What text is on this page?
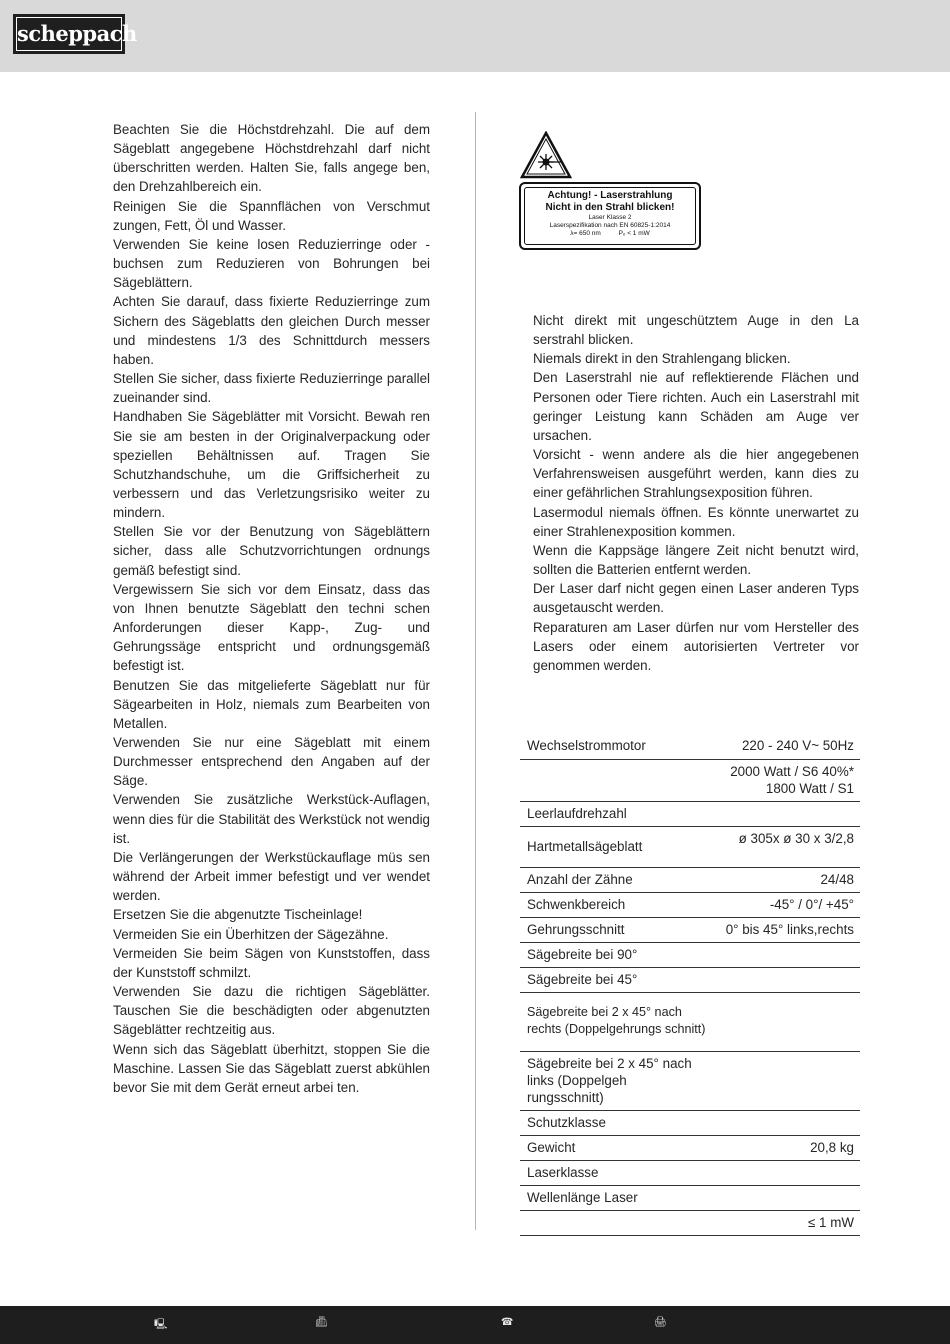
scheppach

Beachten Sie die Höchstdrehzahl. Die auf dem Sägeblatt angegebene Höchstdrehzahl darf nicht überschritten werden. Halten Sie, falls angege ben, den Drehzahlbereich ein.

Reinigen Sie die Spannflächen von Verschmut zungen, Fett, Öl und Wasser.

Verwenden Sie keine losen Reduzierringe oder -buchsen zum Reduzieren von Bohrungen bei Sägeblättern.

Achten Sie darauf, dass fixierte Reduzierringe zum Sichern des Sägeblatts den gleichen Durch messer und mindestens 1/3 des Schnittdurch messers haben.

Stellen Sie sicher, dass fixierte Reduzierringe parallel zueinander sind.

Handhaben Sie Sägeblätter mit Vorsicht. Bewah ren Sie sie am besten in der Originalverpackung oder speziellen Behältnissen auf. Tragen Sie Schutzhandschuhe, um die Griffsicherheit zu verbessern und das Verletzungsrisiko weiter zu mindern.

Stellen Sie vor der Benutzung von Sägeblättern sicher, dass alle Schutzvorrichtungen ordnungs gemäß befestigt sind.

Vergewissern Sie sich vor dem Einsatz, dass das von Ihnen benutzte Sägeblatt den techni schen Anforderungen dieser Kapp-, Zug- und Gehrungssäge entspricht und ordnungsgemäß befestigt ist.

Benutzen Sie das mitgelieferte Sägeblatt nur für Sägearbeiten in Holz, niemals zum Bearbeiten von Metallen.

Verwenden Sie nur eine Sägeblatt mit einem Durchmesser entsprechend den Angaben auf der Säge.

Verwenden Sie zusätzliche Werkstück-Auflagen, wenn dies für die Stabilität des Werkstück not wendig ist.

Die Verlängerungen der Werkstückauflage müs sen während der Arbeit immer befestigt und ver wendet werden.

Ersetzen Sie die abgenutzte Tischeinlage!

Vermeiden Sie ein Überhitzen der Sägezähne.

Vermeiden Sie beim Sägen von Kunststoffen, dass der Kunststoff schmilzt.

Verwenden Sie dazu die richtigen Sägeblätter. Tauschen Sie die beschädigten oder abgenutzten Sägeblätter rechtzeitig aus.

Wenn sich das Sägeblatt überhitzt, stoppen Sie die Maschine. Lassen Sie das Sägeblatt zuerst abkühlen bevor Sie mit dem Gerät erneut arbei ten.

Achtung! - Laserstrahlung
Nicht in den Strahl blicken!
Laser Klasse 2
Laserspezifikation nach EN 60825-1:2014
λ= 650 nm	Pₒ < 1 mW

Nicht direkt mit ungeschütztem Auge in den La serstrahl blicken.

Niemals direkt in den Strahlengang blicken.

Den Laserstrahl nie auf reflektierende Flächen und Personen oder Tiere richten. Auch ein Laserstrahl mit geringer Leistung kann Schäden am Auge ver ursachen.

Vorsicht - wenn andere als die hier angegebenen Verfahrensweisen ausgeführt werden, kann dies zu einer gefährlichen Strahlungsexposition führen.

Lasermodul niemals öffnen. Es könnte unerwartet zu einer Strahlenexposition kommen.

Wenn die Kappsäge längere Zeit nicht benutzt wird, sollten die Batterien entfernt werden.

Der Laser darf nicht gegen einen Laser anderen Typs ausgetauscht werden.

Reparaturen am Laser dürfen nur vom Hersteller des Lasers oder einem autorisierten Vertreter vor genommen werden.

Wechselstrommotor	220 - 240 V~ 50Hz

	2000 Watt / S6 40%*
1800 Watt / S1

Leerlaufdrehzahl	
Hartmetallsägeblatt	ø 305x ø 30 x 3/2,8
Anzahl der Zähne	24/48
Schwenkbereich	-45° / 0°/ +45°
Gehrungsschnitt	0° bis 45° links,rechts
Sägebreite bei 90°	
Sägebreite bei 45°	
Sägebreite bei 2 x 45° nach rechts (Doppelgehrungs schnitt)	
Sägebreite bei 2 x 45° nach links (Doppelgeh rungsschnitt)	
Schutzklasse	
Gewicht	20,8 kg
Laserklasse	
Wellenlänge Laser	
	≤ 1 mW
🖳︎	📠︎	☎︎	🖨︎
